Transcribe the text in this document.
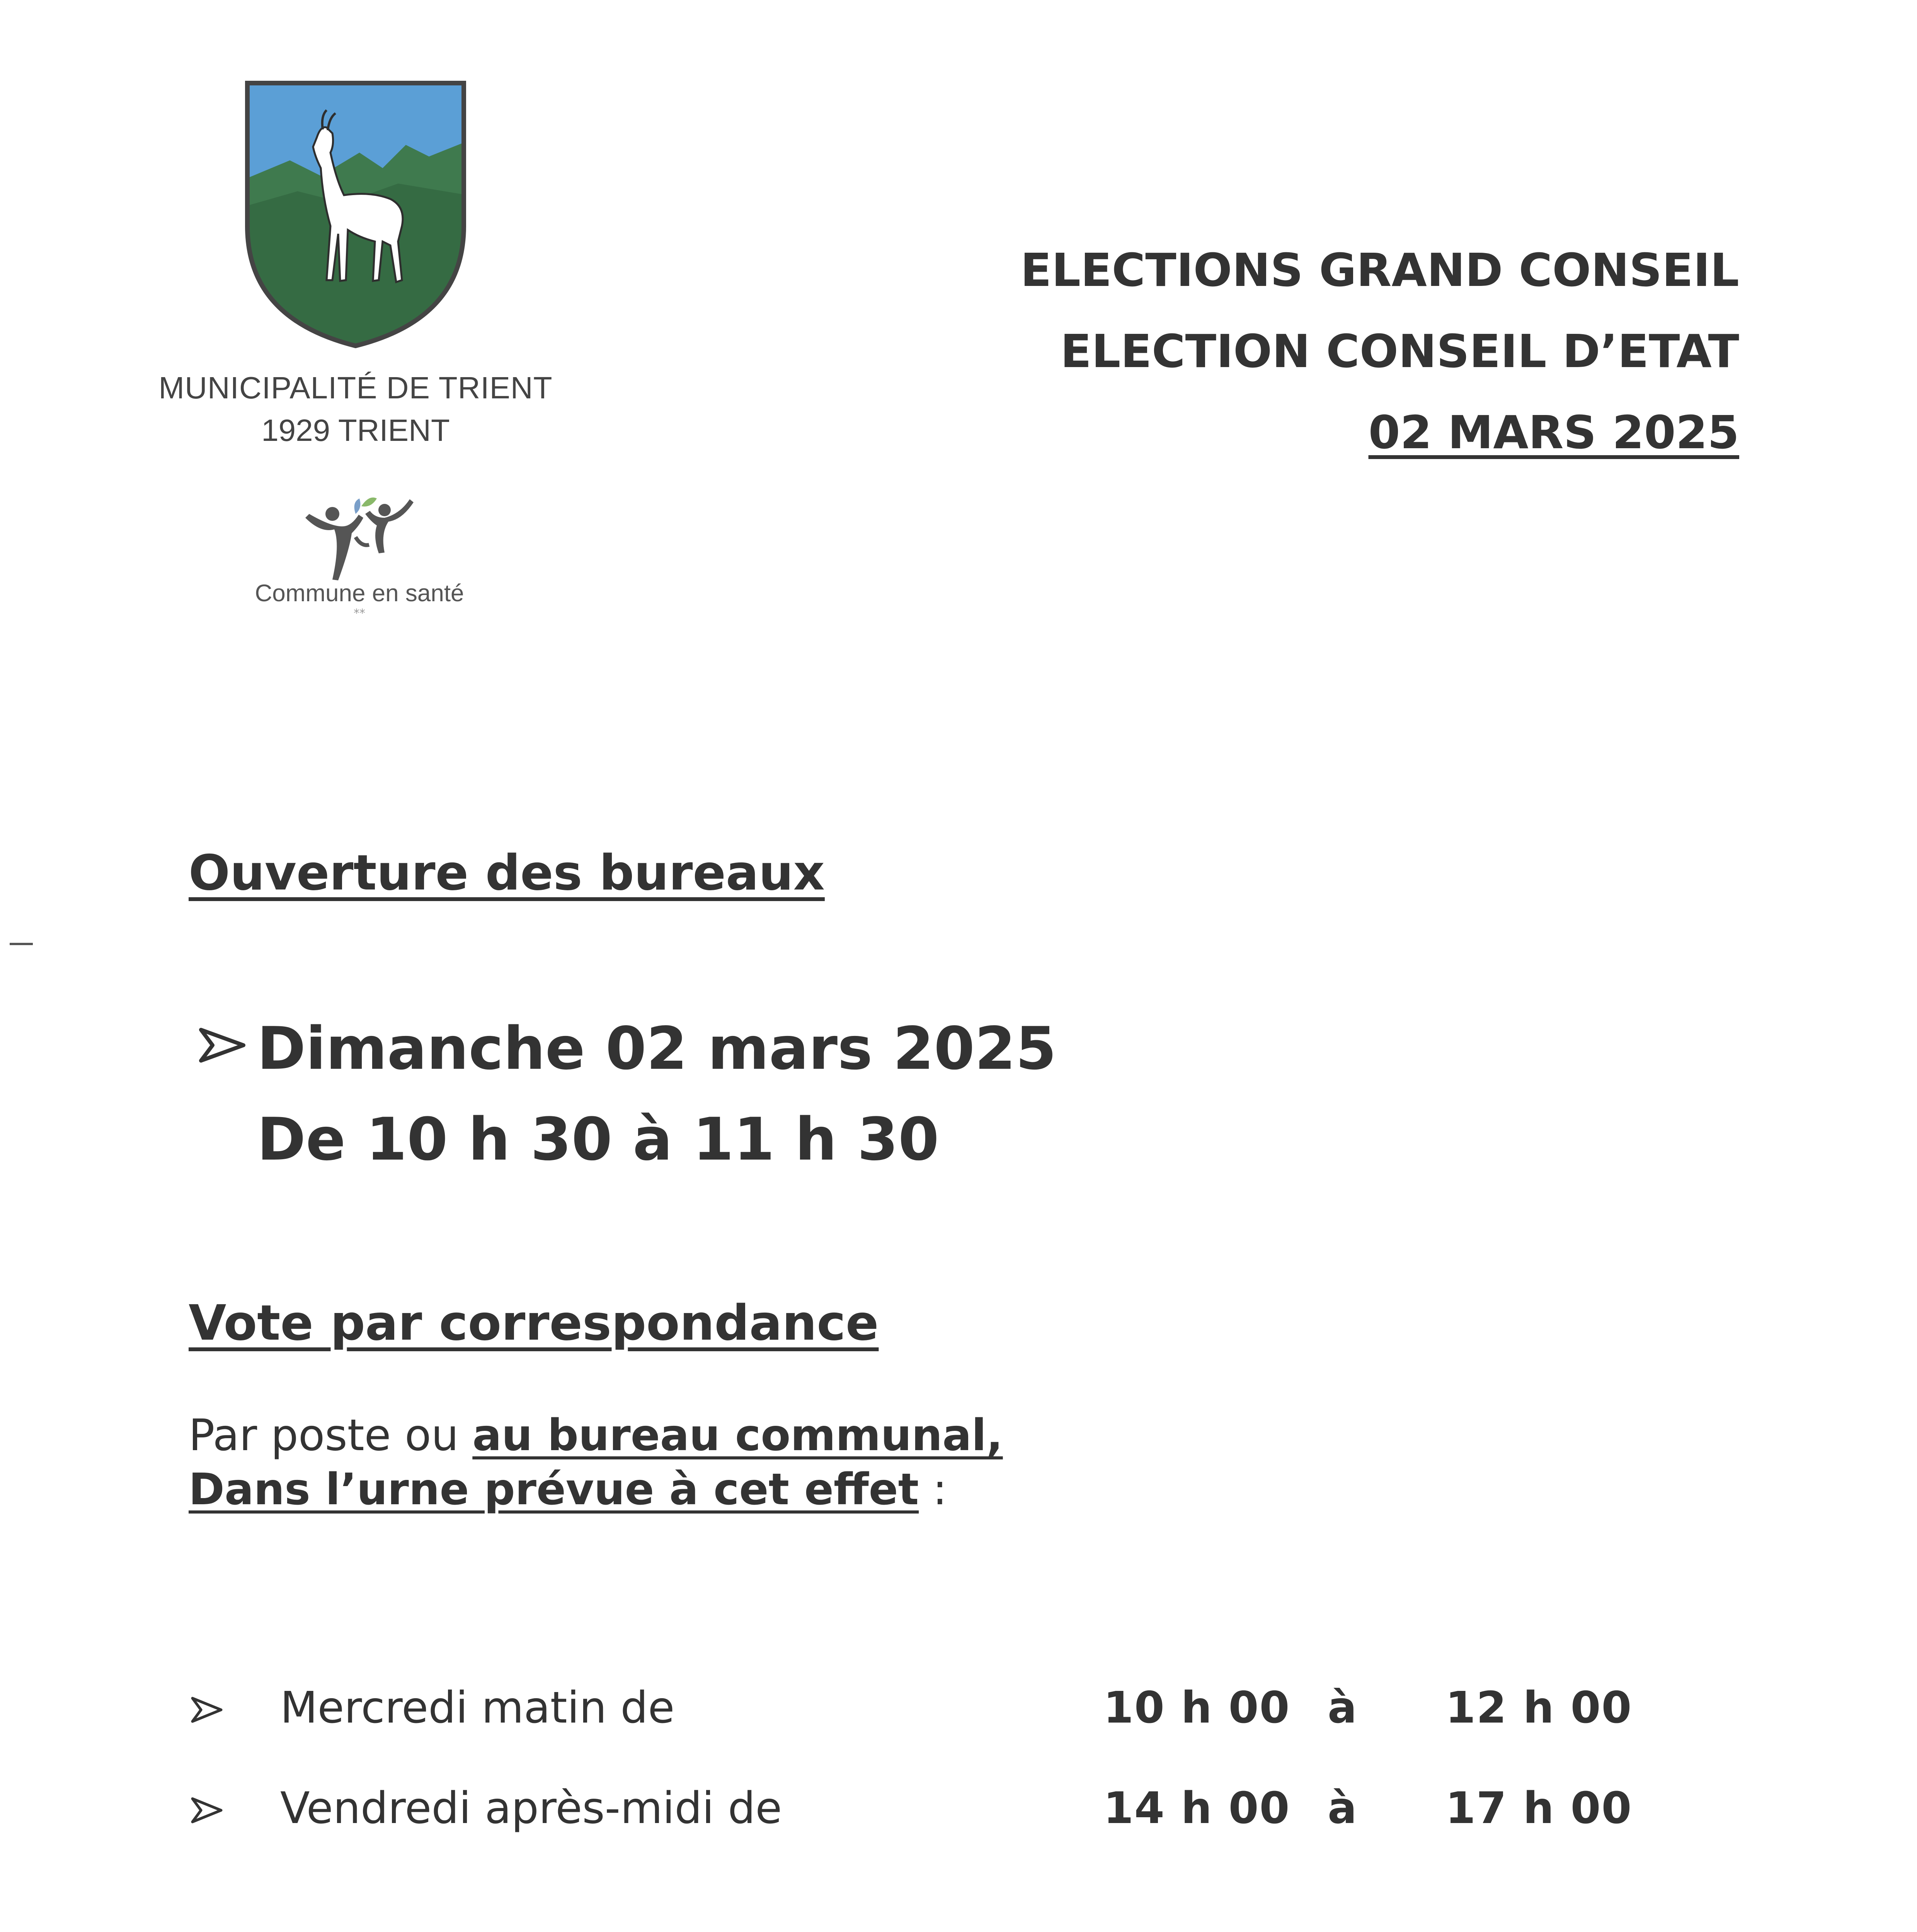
MUNICIPALITÉ DE TRIENT
1929 TRIENT
Commune en santé
**
ELECTIONS GRAND CONSEIL
ELECTION CONSEIL D’ETAT
02 MARS 2025
Ouverture des bureaux
Dimanche 02 mars 2025
De 10 h 30 à 11 h 30
Vote par correspondance
Par poste ou au bureau communal,
Dans l’urne prévue à cet effet :
Mercredi matin de	10 h 00 à 12 h 00
Vendredi après-midi de	14 h 00 à 17 h 00
